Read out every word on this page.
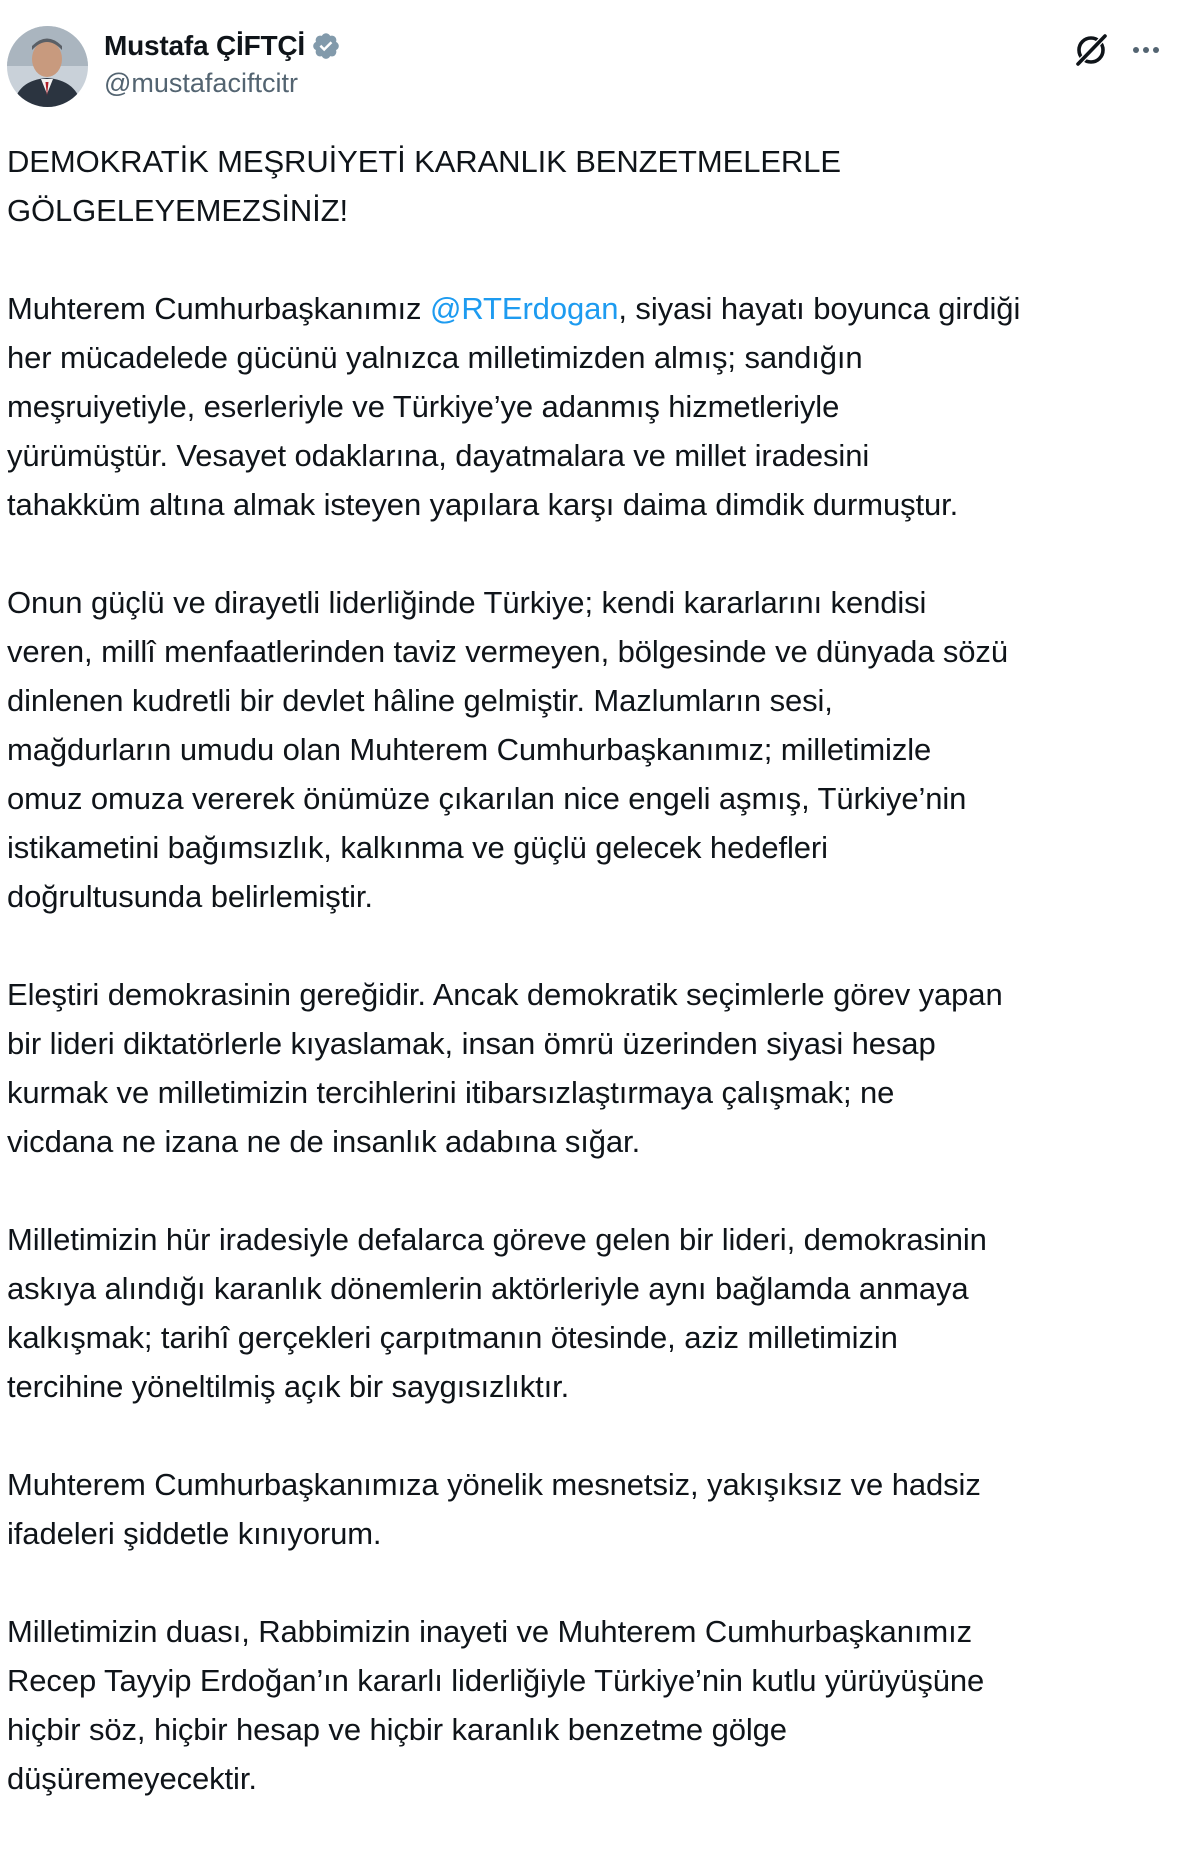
Mustafa ÇİFTÇİ
@mustafaciftcitr
DEMOKRATİK MEŞRUİYETİ KARANLIK BENZETMELERLE
GÖLGELEYEMEZSİNİZ!
Muhterem Cumhurbaşkanımız @RTErdogan, siyasi hayatı boyunca girdiği
her mücadelede gücünü yalnızca milletimizden almış; sandığın
meşruiyetiyle, eserleriyle ve Türkiye’ye adanmış hizmetleriyle
yürümüştür. Vesayet odaklarına, dayatmalara ve millet iradesini
tahakküm altına almak isteyen yapılara karşı daima dimdik durmuştur.
Onun güçlü ve dirayetli liderliğinde Türkiye; kendi kararlarını kendisi
veren, millî menfaatlerinden taviz vermeyen, bölgesinde ve dünyada sözü
dinlenen kudretli bir devlet hâline gelmiştir. Mazlumların sesi,
mağdurların umudu olan Muhterem Cumhurbaşkanımız; milletimizle
omuz omuza vererek önümüze çıkarılan nice engeli aşmış, Türkiye’nin
istikametini bağımsızlık, kalkınma ve güçlü gelecek hedefleri
doğrultusunda belirlemiştir.
Eleştiri demokrasinin gereğidir. Ancak demokratik seçimlerle görev yapan
bir lideri diktatörlerle kıyaslamak, insan ömrü üzerinden siyasi hesap
kurmak ve milletimizin tercihlerini itibarsızlaştırmaya çalışmak; ne
vicdana ne izana ne de insanlık adabına sığar.
Milletimizin hür iradesiyle defalarca göreve gelen bir lideri, demokrasinin
askıya alındığı karanlık dönemlerin aktörleriyle aynı bağlamda anmaya
kalkışmak; tarihî gerçekleri çarpıtmanın ötesinde, aziz milletimizin
tercihine yöneltilmiş açık bir saygısızlıktır.
Muhterem Cumhurbaşkanımıza yönelik mesnetsiz, yakışıksız ve hadsiz
ifadeleri şiddetle kınıyorum.
Milletimizin duası, Rabbimizin inayeti ve Muhterem Cumhurbaşkanımız
Recep Tayyip Erdoğan’ın kararlı liderliğiyle Türkiye’nin kutlu yürüyüşüne
hiçbir söz, hiçbir hesap ve hiçbir karanlık benzetme gölge
düşüremeyecektir.
